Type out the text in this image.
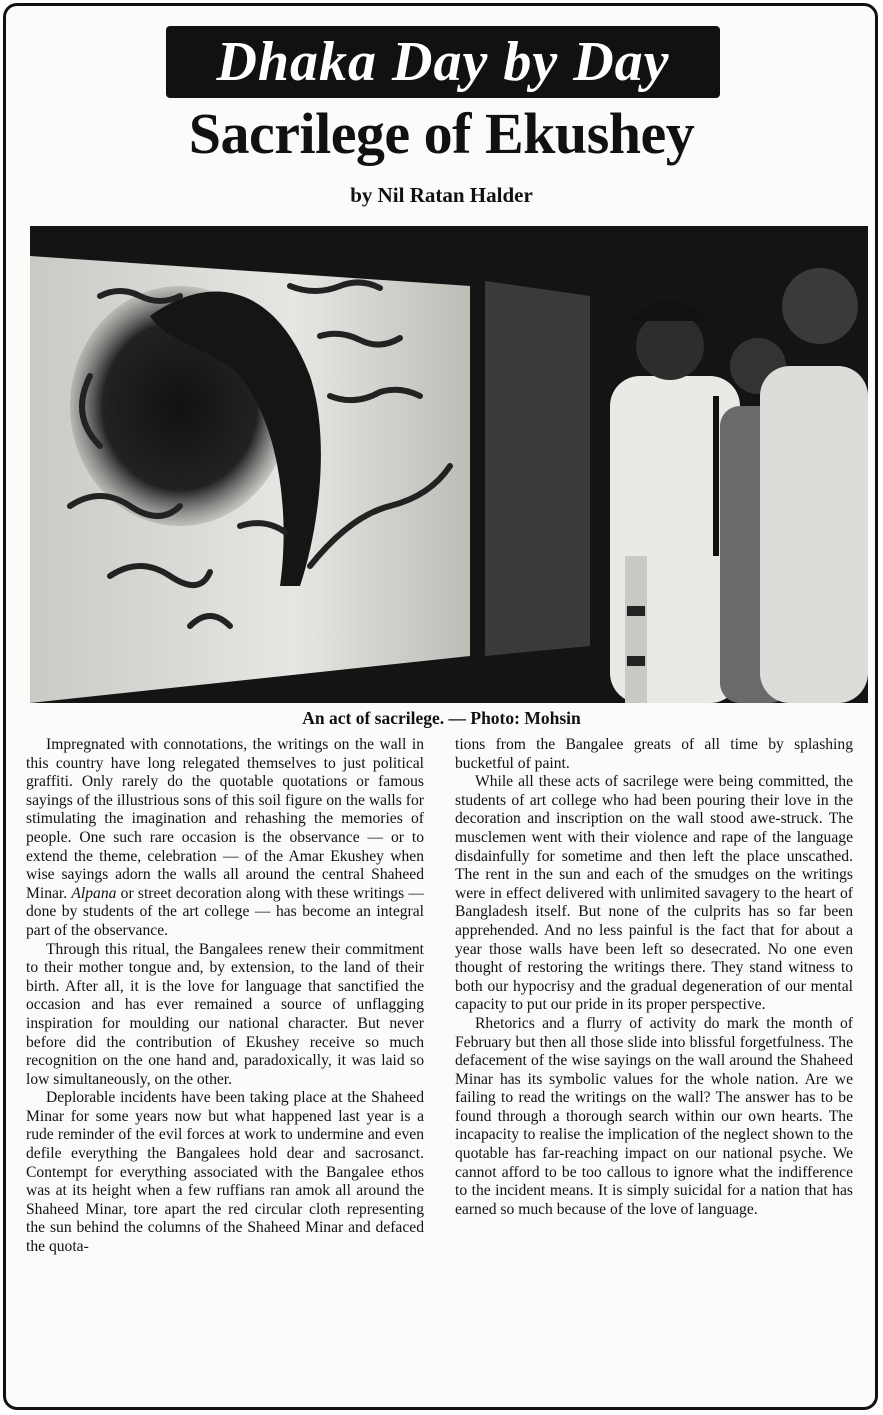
Dhaka Day by Day
Sacrilege of Ekushey
by Nil Ratan Halder
An act of sacrilege. — Photo: Mohsin

Impregnated with connotations, the writings on the wall in this country have long relegated themselves to just political graffiti. Only rarely do the quotable quotations or famous sayings of the illustrious sons of this soil figure on the walls for stimulating the imagination and rehashing the memories of people. One such rare occasion is the observance — or to extend the theme, celebration — of the Amar Ekushey when wise sayings adorn the walls all around the central Shaheed Minar. Alpana or street decoration along with these writings — done by students of the art college — has become an integral part of the observance.

Through this ritual, the Bangalees renew their commitment to their mother tongue and, by extension, to the land of their birth. After all, it is the love for language that sanctified the occasion and has ever remained a source of unflagging inspiration for moulding our national character. But never before did the contribution of Ekushey receive so much recognition on the one hand and, paradoxically, it was laid so low simultaneously, on the other.

Deplorable incidents have been taking place at the Shaheed Minar for some years now but what happened last year is a rude reminder of the evil forces at work to undermine and even defile everything the Bangalees hold dear and sacrosanct. Contempt for everything associated with the Bangalee ethos was at its height when a few ruffians ran amok all around the Shaheed Minar, tore apart the red circular cloth representing the sun behind the columns of the Shaheed Minar and defaced the quota-

tions from the Bangalee greats of all time by splashing bucketful of paint.

While all these acts of sacrilege were being committed, the students of art college who had been pouring their love in the decoration and inscription on the wall stood awe-struck. The musclemen went with their violence and rape of the language disdainfully for sometime and then left the place unscathed. The rent in the sun and each of the smudges on the writings were in effect delivered with unlimited savagery to the heart of Bangladesh itself. But none of the culprits has so far been apprehended. And no less painful is the fact that for about a year those walls have been left so desecrated. No one even thought of restoring the writings there. They stand witness to both our hypocrisy and the gradual degeneration of our mental capacity to put our pride in its proper perspective.

Rhetorics and a flurry of activity do mark the month of February but then all those slide into blissful forgetfulness. The defacement of the wise sayings on the wall around the Shaheed Minar has its symbolic values for the whole nation. Are we failing to read the writings on the wall? The answer has to be found through a thorough search within our own hearts. The incapacity to realise the implication of the neglect shown to the quotable has far-reaching impact on our national psyche. We cannot afford to be too callous to ignore what the indifference to the incident means. It is simply suicidal for a nation that has earned so much because of the love of language.
